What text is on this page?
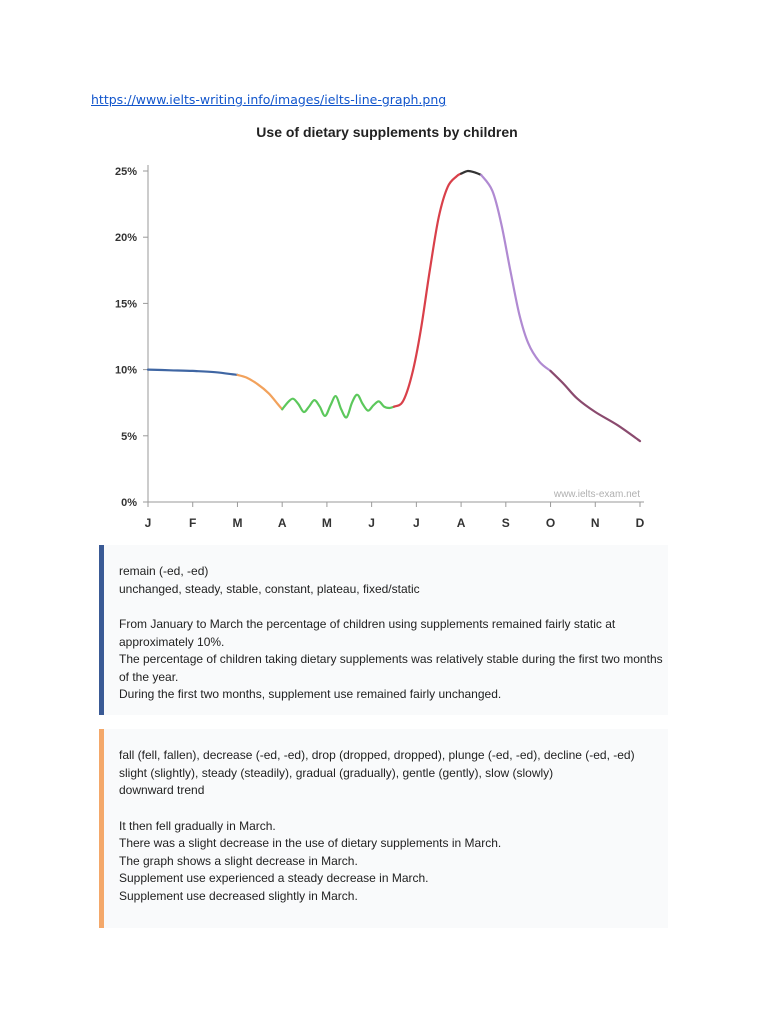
https://www.ielts-writing.info/images/ielts-line-graph.png
Use of dietary supplements by children
0%
5%
10%
15%
20%
25%
J	F	M	A	M	J	J	A	S	O	N	D
www.ielts-exam.net
remain (-ed, -ed)
unchanged, steady, stable, constant, plateau, fixed/static
From January to March the percentage of children using supplements remained fairly static at
approximately 10%.
The percentage of children taking dietary supplements was relatively stable during the first two months
of the year.
During the first two months, supplement use remained fairly unchanged.
fall (fell, fallen), decrease (-ed, -ed), drop (dropped, dropped), plunge (-ed, -ed), decline (-ed, -ed)
slight (slightly), steady (steadily), gradual (gradually), gentle (gently), slow (slowly)
downward trend
It then fell gradually in March.
There was a slight decrease in the use of dietary supplements in March.
The graph shows a slight decrease in March.
Supplement use experienced a steady decrease in March.
Supplement use decreased slightly in March.
